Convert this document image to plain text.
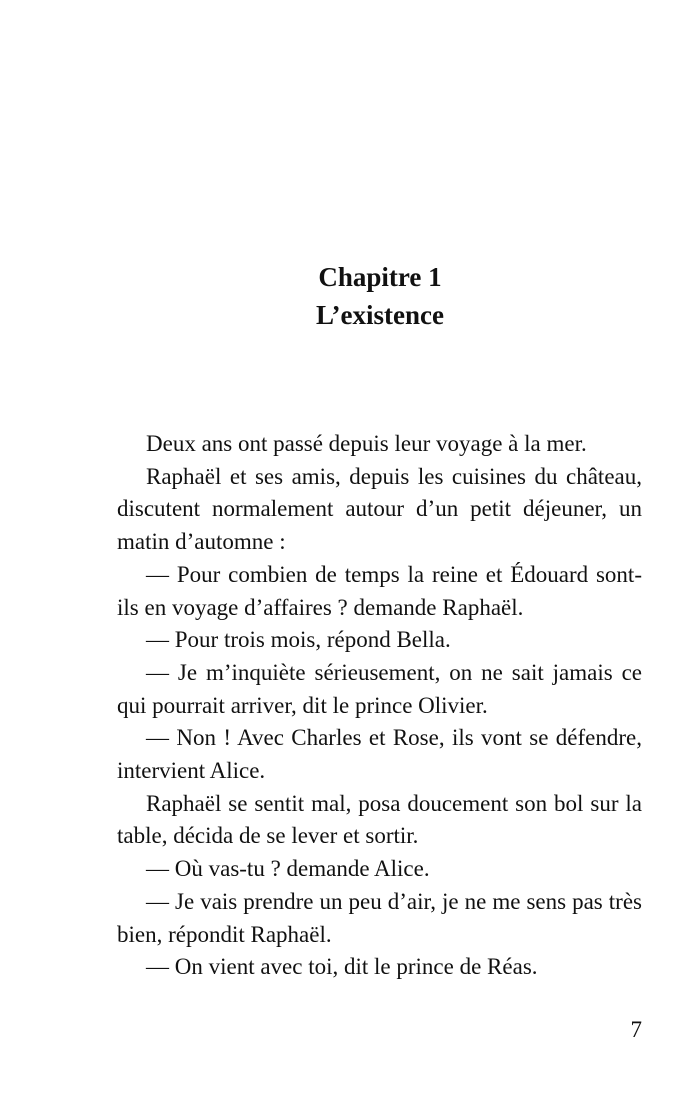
Chapitre 1
L’existence

Deux ans ont passé depuis leur voyage à la mer.

Raphaël et ses amis, depuis les cuisines du château, discutent normalement autour d’un petit déjeuner, un matin d’automne :

— Pour combien de temps la reine et Édouard sont-ils en voyage d’affaires ? demande Raphaël.

— Pour trois mois, répond Bella.

— Je m’inquiète sérieusement, on ne sait jamais ce qui pourrait arriver, dit le prince Olivier.

— Non ! Avec Charles et Rose, ils vont se défendre, intervient Alice.

Raphaël se sentit mal, posa doucement son bol sur la table, décida de se lever et sortir.

— Où vas-tu ? demande Alice.

— Je vais prendre un peu d’air, je ne me sens pas très bien, répondit Raphaël.

— On vient avec toi, dit le prince de Réas.

7
